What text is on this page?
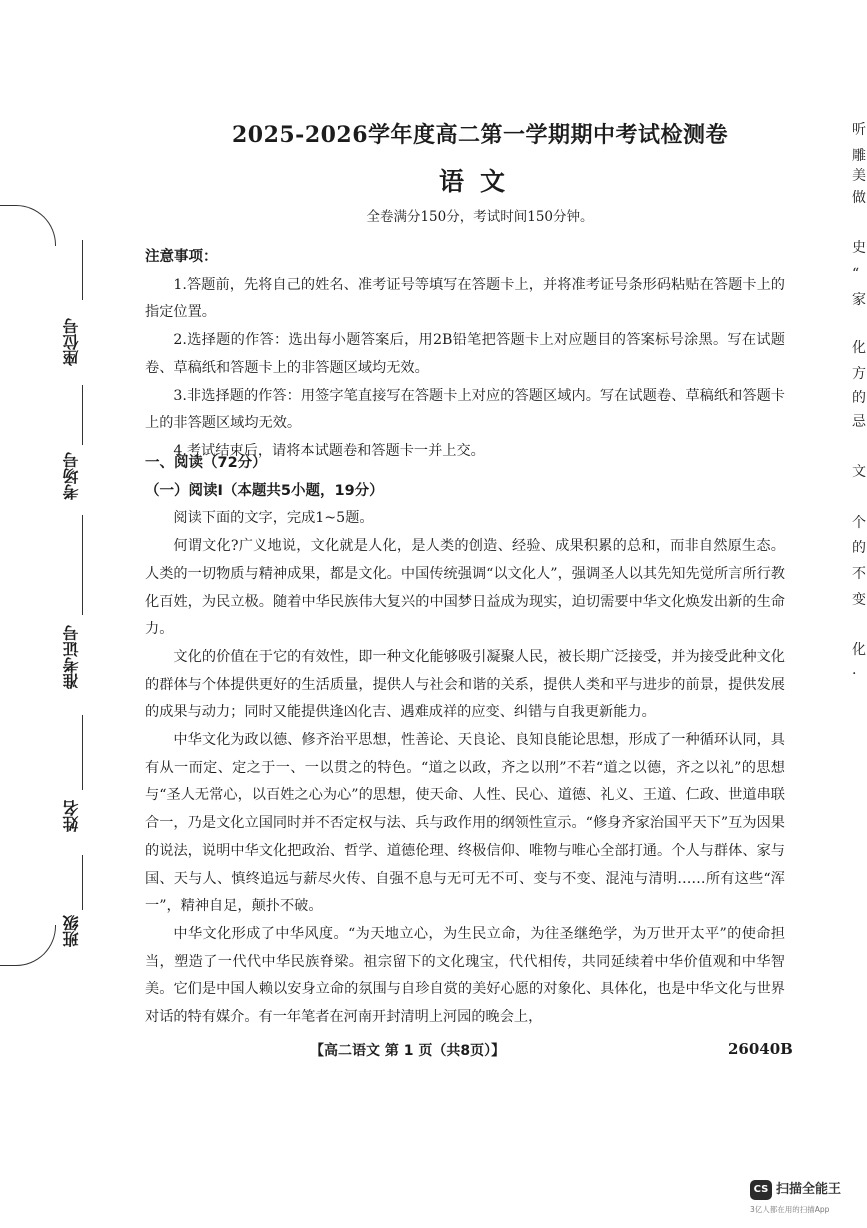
座位号
考场号
准考证号
姓名
班级
听
雕
美
做
史
“
家
化
方
的
忌
文
个
的
不
变
化
.
2025-2026学年度高二第一学期期中考试检测卷
语文
全卷满分150分，考试时间150分钟。

注意事项：

1.答题前，先将自己的姓名、准考证号等填写在答题卡上，并将准考证号条形码粘贴在答题卡上的指定位置。

2.选择题的作答：选出每小题答案后，用2B铅笔把答题卡上对应题目的答案标号涂黑。写在试题卷、草稿纸和答题卡上的非答题区域均无效。

3.非选择题的作答：用签字笔直接写在答题卡上对应的答题区域内。写在试题卷、草稿纸和答题卡上的非答题区域均无效。

4.考试结束后，请将本试题卷和答题卡一并上交。

一、阅读（72分）

（一）阅读Ⅰ（本题共5小题，19分）

阅读下面的文字，完成1~5题。

何谓文化?广义地说，文化就是人化，是人类的创造、经验、成果积累的总和，而非自然原生态。人类的一切物质与精神成果，都是文化。中国传统强调“以文化人”，强调圣人以其先知先觉所言所行教化百姓，为民立极。随着中华民族伟大复兴的中国梦日益成为现实，迫切需要中华文化焕发出新的生命力。

文化的价值在于它的有效性，即一种文化能够吸引凝聚人民，被长期广泛接受，并为接受此种文化的群体与个体提供更好的生活质量，提供人与社会和谐的关系，提供人类和平与进步的前景，提供发展的成果与动力；同时又能提供逢凶化吉、遇难成祥的应变、纠错与自我更新能力。

中华文化为政以德、修齐治平思想，性善论、天良论、良知良能论思想，形成了一种循环认同，具有从一而定、定之于一、一以贯之的特色。“道之以政，齐之以刑”不若“道之以德，齐之以礼”的思想与“圣人无常心，以百姓之心为心”的思想，使天命、人性、民心、道德、礼义、王道、仁政、世道串联合一，乃是文化立国同时并不否定权与法、兵与政作用的纲领性宣示。“修身齐家治国平天下”互为因果的说法，说明中华文化把政治、哲学、道德伦理、终极信仰、唯物与唯心全部打通。个人与群体、家与国、天与人、慎终追远与薪尽火传、自强不息与无可无不可、变与不变、混沌与清明……所有这些“浑一”，精神自足，颠扑不破。

中华文化形成了中华风度。“为天地立心，为生民立命，为往圣继绝学，为万世开太平”的使命担当，塑造了一代代中华民族脊梁。祖宗留下的文化瑰宝，代代相传，共同延续着中华价值观和中华智美。它们是中国人赖以安身立命的氛围与自珍自赏的美好心愿的对象化、具体化，也是中华文化与世界对话的特有媒介。有一年笔者在河南开封清明上河园的晚会上，

【高二语文 第 1 页（共8页）】	26040B
CS 扫描全能王
3亿人都在用的扫描App
